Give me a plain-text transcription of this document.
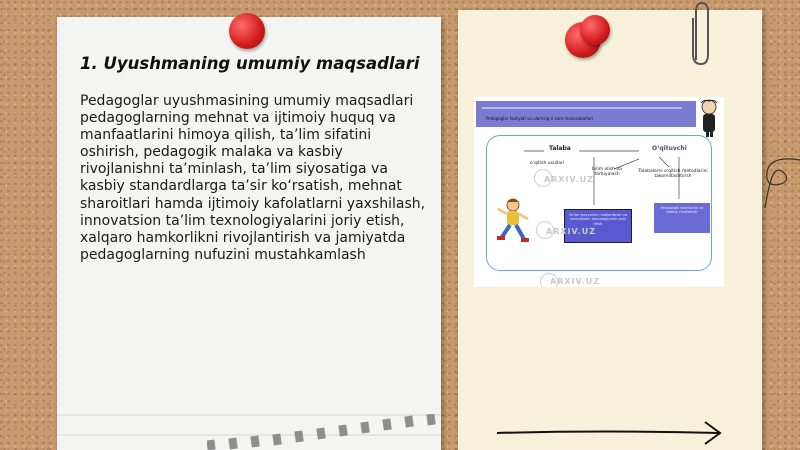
1. Uyushmaning umumiy maqsadlari
Pedagoglar uyushmasining umumiy maqsadlari pedagoglarning mehnat va ijtimoiy huquq va manfaatlarini himoya qilish, ta’lim sifatini oshirish, pedagogik malaka va kasbiy rivojlanishni ta’minlash, ta’lim siyosatiga va kasbiy standardlarga ta’sir ko‘rsatish, mehnat sharoitlari hamda ijtimoiy kafolatlarni yaxshilash, innovatsion ta’lim texnologiyalarini joriy etish, xalqaro hamkorlikni rivojlantirish va jamiyatda pedagoglarning nufuzini mustahkamlash
Pedagoglar faoliyati va ularning o‘zaro munosabatlari
Talaba	O‘qituvchi
o‘qitish usullari
bilim olish va tarbiyalash
Talabalarni o‘qitish metodlarini takomillashtirish
Ta’lim jarayonini rivojlantirish va innovatsion texnologiyalar joriy etish
Pedagogik hamkorlik va kasbiy rivojlanish
ARXIV.UZ
ARXIV.UZ
ARXIV.UZ
